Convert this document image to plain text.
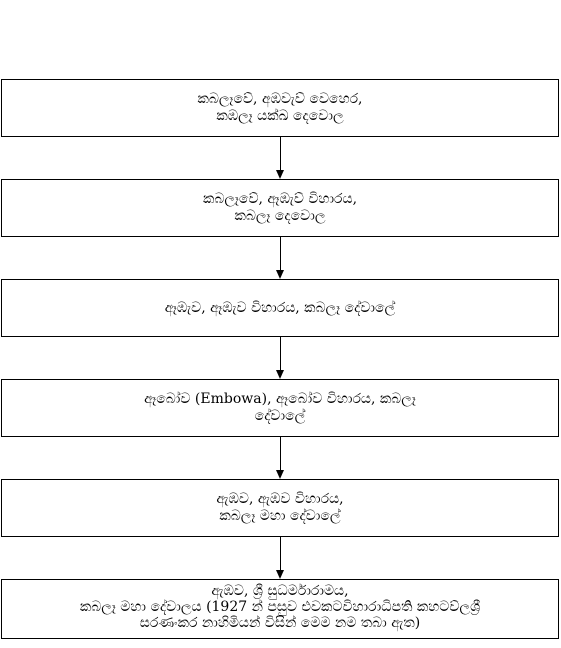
කබලෑවේ, අඹවැව් වෙහෙර,
කඹලෑ යක්ඛ දෙවොල
කබලෑවේ, ඈඹැව් විහාරය,
කබලෑ දෙවොල
ඈඹැව, ඈඹැව විහාරය, කබලෑ දේවාලේ
ඈබෝව (Embowa), ඈබෝව විහාරය, කබලෑ
දේවාලේ
ඇඹව, ඇඹව විහාරය,
කබලෑ මහා දේවාලේ
ඇඹව, ශ්‍රී සුධර්මාරාමය,
කබලෑ මහා දේවාලය (1927 න් පසුව එවකටවිහාරාධිපති කහටව්ලශ්‍රී
සරණංකර නාහිමියන් විසින් මෙම නම තබා ඇත)
